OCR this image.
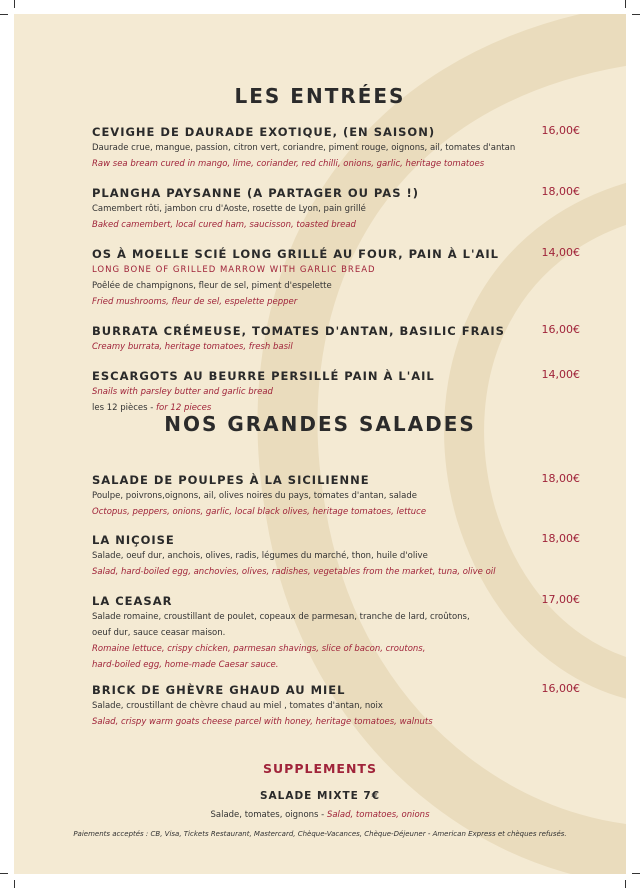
LES ENTRÉES
CEVIGHE DE DAURADE EXOTIQUE, (EN SAISON)	16,00€
Daurade crue, mangue, passion, citron vert, coriandre, piment rouge, oignons, ail, tomates d'antan
Raw sea bream cured in mango, lime, coriander, red chilli, onions, garlic, heritage tomatoes
PLANGHA PAYSANNE (A PARTAGER OU PAS !)	18,00€
Camembert rôti, jambon cru d'Aoste, rosette de Lyon, pain grillé
Baked camembert, local cured ham, saucisson, toasted bread
OS À MOELLE SCIÉ LONG GRILLÉ AU FOUR, PAIN À L'AIL	14,00€
LONG BONE OF GRILLED MARROW WITH GARLIC BREAD
Poêlée de champignons, fleur de sel, piment d'espelette
Fried mushrooms, fleur de sel, espelette pepper
BURRATA CRÉMEUSE, TOMATES D'ANTAN, BASILIC FRAIS	16,00€
Creamy burrata, heritage tomatoes, fresh basil
ESCARGOTS AU BEURRE PERSILLÉ PAIN À L'AIL	14,00€
Snails with parsley butter and garlic bread
les 12 pièces - for 12 pieces
NOS GRANDES SALADES
SALADE DE POULPES À LA SICILIENNE	18,00€
Poulpe, poivrons,oignons, ail, olives noires du pays, tomates d'antan, salade
Octopus, peppers, onions, garlic, local black olives, heritage tomatoes, lettuce
LA NIÇOISE	18,00€
Salade, oeuf dur, anchois, olives, radis, légumes du marché, thon, huile d'olive
Salad, hard-boiled egg, anchovies, olives, radishes, vegetables from the market, tuna, olive oil
LA CEASAR	17,00€
Salade romaine, croustillant de poulet, copeaux de parmesan, tranche de lard, croûtons,
oeuf dur, sauce ceasar maison.
Romaine lettuce, crispy chicken, parmesan shavings, slice of bacon, croutons,
hard-boiled egg, home-made Caesar sauce.
BRICK DE GHÈVRE GHAUD AU MIEL	16,00€
Salade, croustillant de chèvre chaud au miel , tomates d'antan, noix
Salad, crispy warm goats cheese parcel with honey, heritage tomatoes, walnuts
SUPPLEMENTS
SALADE MIXTE 7€
Salade, tomates, oignons - Salad, tomatoes, onions
Paiements acceptés : CB, Visa, Tickets Restaurant, Mastercard, Chèque-Vacances, Chèque-Déjeuner - American Express et chèques refusés.
